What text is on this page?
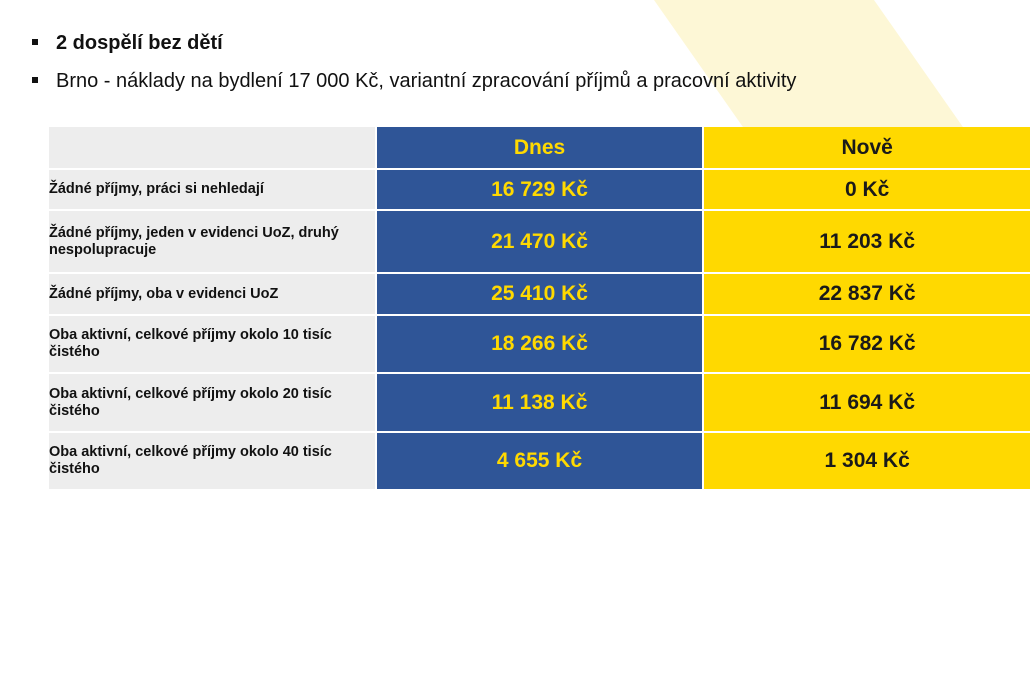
2 dospělí bez dětí
Brno - náklady na bydlení 17 000 Kč, variantní zpracování příjmů a pracovní aktivity

	Dnes	Nově

Žádné příjmy, práci si nehledají	16 729 Kč	0 Kč
Žádné příjmy, jeden v evidenci UoZ, druhý nespolupracuje	21 470 Kč	11 203 Kč
Žádné příjmy, oba v evidenci UoZ	25 410 Kč	22 837 Kč
Oba aktivní, celkové příjmy okolo 10 tisíc čistého	18 266 Kč	16 782 Kč
Oba aktivní, celkové příjmy okolo 20 tisíc čistého	11 138 Kč	11 694 Kč
Oba aktivní, celkové příjmy okolo 40 tisíc čistého	4 655 Kč	1 304 Kč
